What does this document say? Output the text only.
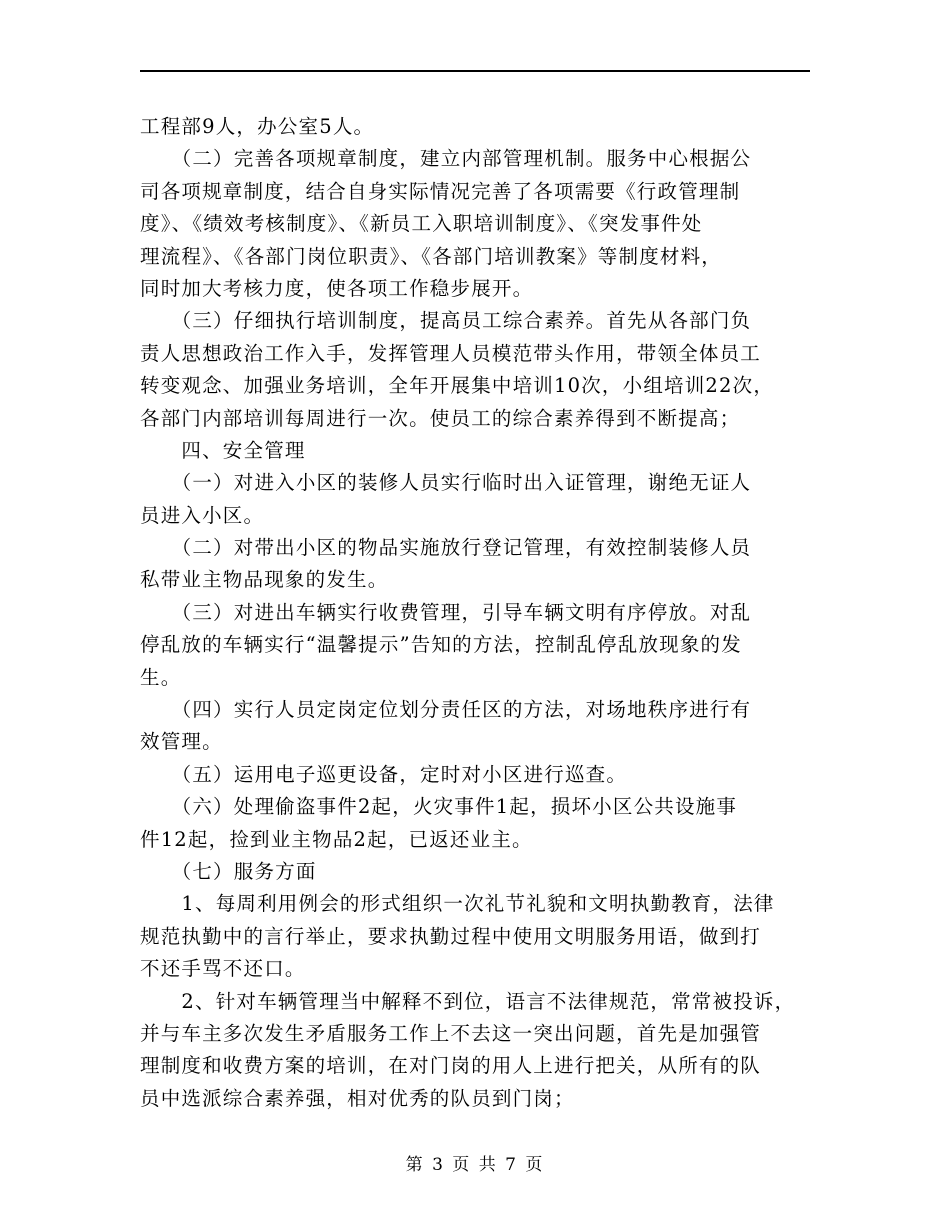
工程部9人，办公室5人。
　　（二）完善各项规章制度，建立内部管理机制。服务中心根据公
司各项规章制度，结合自身实际情况完善了各项需要《行政管理制
度》、《绩效考核制度》、《新员工入职培训制度》、《突发事件处
理流程》、《各部门岗位职责》、《各部门培训教案》等制度材料，
同时加大考核力度，使各项工作稳步展开。
　　（三）仔细执行培训制度，提高员工综合素养。首先从各部门负
责人思想政治工作入手，发挥管理人员模范带头作用，带领全体员工
转变观念、加强业务培训，全年开展集中培训10次，小组培训22次，
各部门内部培训每周进行一次。使员工的综合素养得到不断提高；
　　四、安全管理
　　（一）对进入小区的装修人员实行临时出入证管理，谢绝无证人
员进入小区。
　　（二）对带出小区的物品实施放行登记管理，有效控制装修人员
私带业主物品现象的发生。
　　（三）对进出车辆实行收费管理，引导车辆文明有序停放。对乱
停乱放的车辆实行“温馨提示”告知的方法，控制乱停乱放现象的发
生。
　　（四）实行人员定岗定位划分责任区的方法，对场地秩序进行有
效管理。
　　（五）运用电子巡更设备，定时对小区进行巡查。
　　（六）处理偷盗事件2起，火灾事件1起，损坏小区公共设施事
件12起，捡到业主物品2起，已返还业主。
　　（七）服务方面
　　1、每周利用例会的形式组织一次礼节礼貌和文明执勤教育，法律
规范执勤中的言行举止，要求执勤过程中使用文明服务用语，做到打
不还手骂不还口。
　　2、针对车辆管理当中解释不到位，语言不法律规范，常常被投诉，
并与车主多次发生矛盾服务工作上不去这一突出问题，首先是加强管
理制度和收费方案的培训，在对门岗的用人上进行把关，从所有的队
员中选派综合素养强，相对优秀的队员到门岗；
第 3 页 共 7 页
